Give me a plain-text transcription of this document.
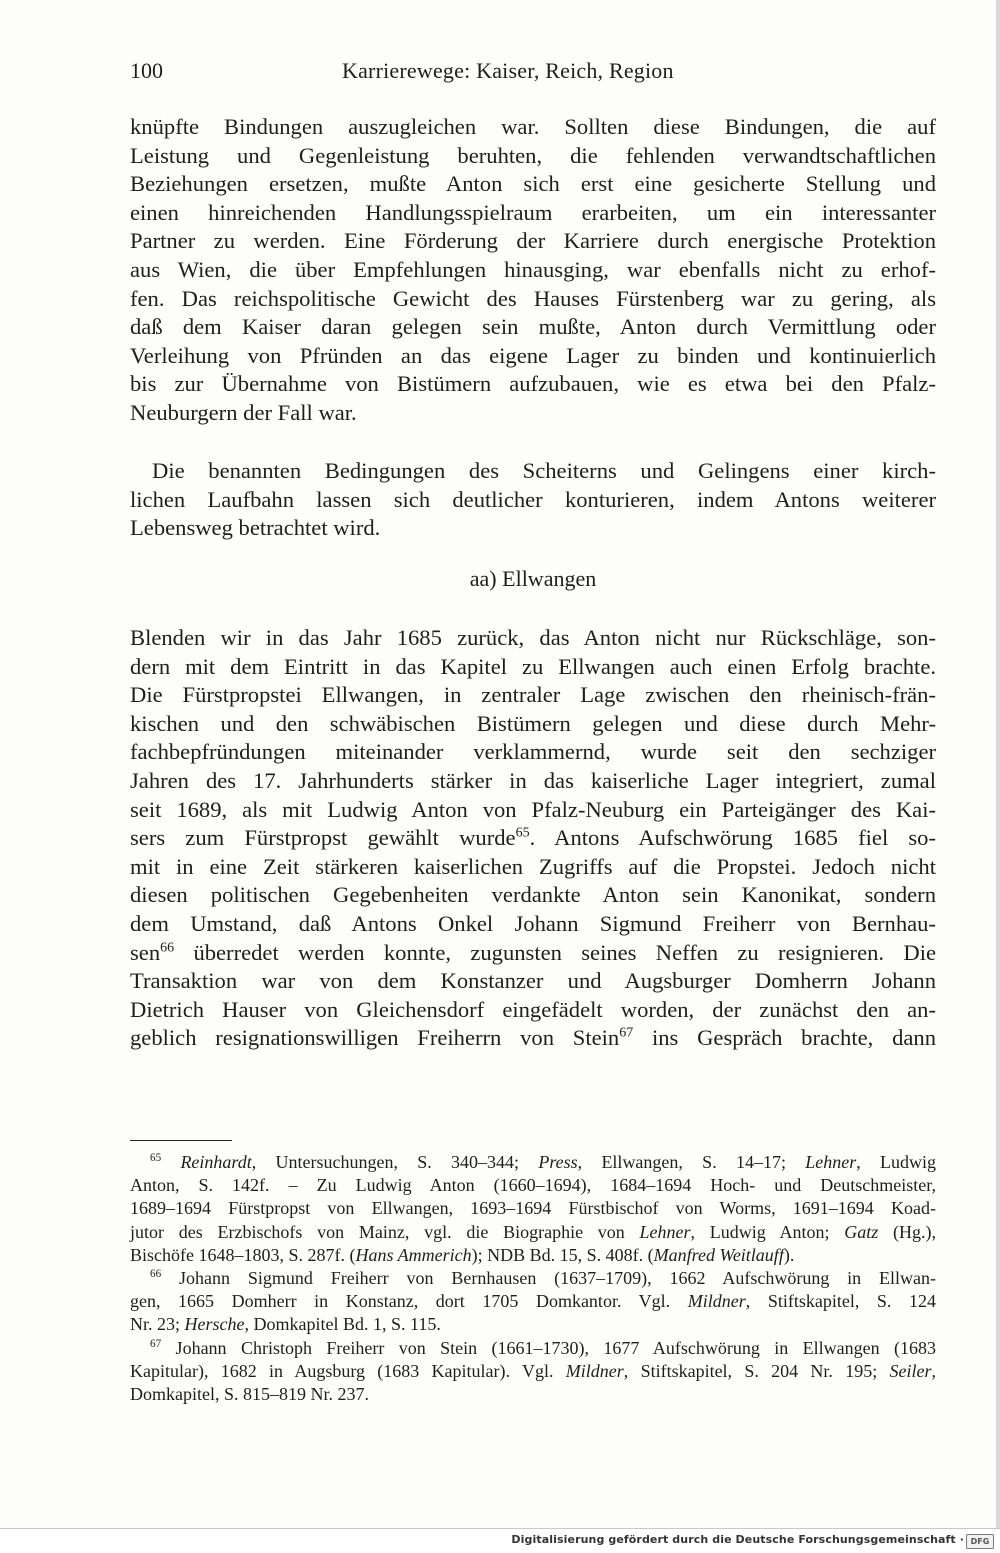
100	Karrierewege: Kaiser, Reich, Region

knüpfte Bindungen auszugleichen war. Sollten diese Bindungen, die auf
Leistung und Gegenleistung beruhten, die fehlenden verwandtschaftlichen
Beziehungen ersetzen, mußte Anton sich erst eine gesicherte Stellung und
einen hinreichenden Handlungsspielraum erarbeiten, um ein interessanter
Partner zu werden. Eine Förderung der Karriere durch energische Protektion
aus Wien, die über Empfehlungen hinausging, war ebenfalls nicht zu erhof-
fen. Das reichspolitische Gewicht des Hauses Fürstenberg war zu gering, als
daß dem Kaiser daran gelegen sein mußte, Anton durch Vermittlung oder
Verleihung von Pfründen an das eigene Lager zu binden und kontinuierlich
bis zur Übernahme von Bistümern aufzubauen, wie es etwa bei den Pfalz-
Neuburgern der Fall war.

Die benannten Bedingungen des Scheiterns und Gelingens einer kirch-
lichen Laufbahn lassen sich deutlicher konturieren, indem Antons weiterer
Lebensweg betrachtet wird.

aa) Ellwangen

Blenden wir in das Jahr 1685 zurück, das Anton nicht nur Rückschläge, son-
dern mit dem Eintritt in das Kapitel zu Ellwangen auch einen Erfolg brachte.
Die Fürstpropstei Ellwangen, in zentraler Lage zwischen den rheinisch-frän-
kischen und den schwäbischen Bistümern gelegen und diese durch Mehr-
fachbepfründungen miteinander verklammernd, wurde seit den sechziger
Jahren des 17. Jahrhunderts stärker in das kaiserliche Lager integriert, zumal
seit 1689, als mit Ludwig Anton von Pfalz-Neuburg ein Parteigänger des Kai-
sers zum Fürstpropst gewählt wurde$^{65}$. Antons Aufschwörung 1685 fiel so-
mit in eine Zeit stärkeren kaiserlichen Zugriffs auf die Propstei. Jedoch nicht
diesen politischen Gegebenheiten verdankte Anton sein Kanonikat, sondern
dem Umstand, daß Antons Onkel Johann Sigmund Freiherr von Bernhau-
sen$^{66}$ überredet werden konnte, zugunsten seines Neffen zu resignieren. Die
Transaktion war von dem Konstanzer und Augsburger Domherrn Johann
Dietrich Hauser von Gleichensdorf eingefädelt worden, der zunächst den an-
geblich resignationswilligen Freiherrn von Stein$^{67}$ ins Gespräch brachte, dann

$^{65}$ Reinhardt, Untersuchungen, S. 340–344; Press, Ellwangen, S. 14–17; Lehner, Ludwig
Anton, S. 142f. – Zu Ludwig Anton (1660–1694), 1684–1694 Hoch- und Deutschmeister,
1689–1694 Fürstpropst von Ellwangen, 1693–1694 Fürstbischof von Worms, 1691–1694 Koad-
jutor des Erzbischofs von Mainz, vgl. die Biographie von Lehner, Ludwig Anton; Gatz (Hg.),
Bischöfe 1648–1803, S. 287f. (Hans Ammerich); NDB Bd. 15, S. 408f. (Manfred Weitlauff).
$^{66}$ Johann Sigmund Freiherr von Bernhausen (1637–1709), 1662 Aufschwörung in Ellwan-
gen, 1665 Domherr in Konstanz, dort 1705 Domkantor. Vgl. Mildner, Stiftskapitel, S. 124
Nr. 23; Hersche, Domkapitel Bd. 1, S. 115.
$^{67}$ Johann Christoph Freiherr von Stein (1661–1730), 1677 Aufschwörung in Ellwangen (1683
Kapitular), 1682 in Augsburg (1683 Kapitular). Vgl. Mildner, Stiftskapitel, S. 204 Nr. 195; Seiler,
Domkapitel, S. 815–819 Nr. 237.
Digitalisierung gefördert durch die Deutsche Forschungsgemeinschaft · DFG
